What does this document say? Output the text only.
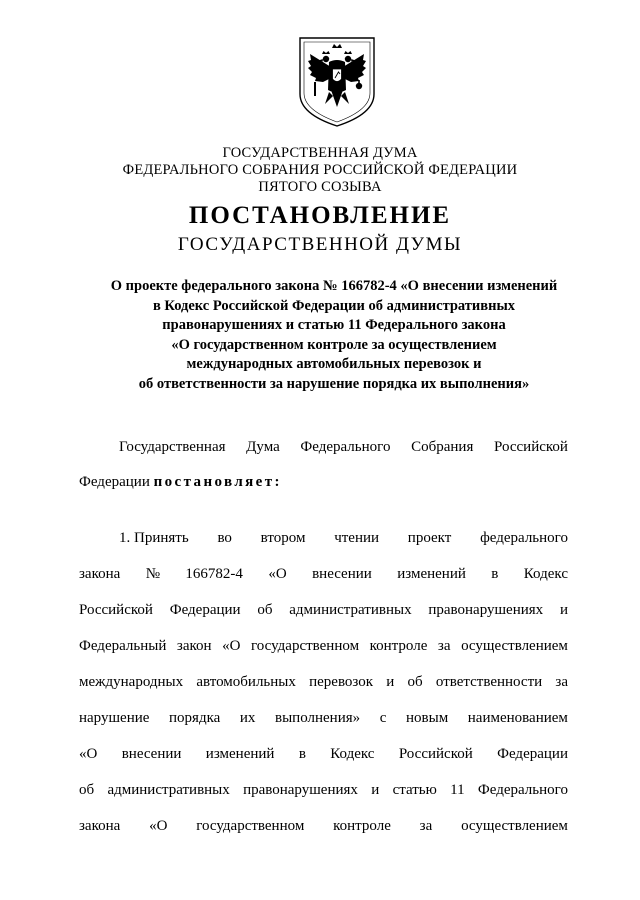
ГОСУДАРСТВЕННАЯ ДУМА
ФЕДЕРАЛЬНОГО СОБРАНИЯ РОССИЙСКОЙ ФЕДЕРАЦИИ
ПЯТОГО СОЗЫВА
ПОСТАНОВЛЕНИЕ
ГОСУДАРСТВЕННОЙ ДУМЫ
О проекте федерального закона № 166782-4 «О внесении изменений
в Кодекс Российской Федерации об административных
правонарушениях и статью 11 Федерального закона
«О государственном контроле за осуществлением
международных автомобильных перевозок и
об ответственности за нарушение порядка их выполнения»
Государственная Дума Федерального Собрания Российской
Федерации постановляет:
1. Принять во втором чтении проект федерального
закона № 166782-4 «О внесении изменений в Кодекс
Российской Федерации об административных правонарушениях и
Федеральный закон «О государственном контроле за осуществлением
международных автомобильных перевозок и об ответственности за
нарушение порядка их выполнения» с новым наименованием
«О внесении изменений в Кодекс Российской Федерации
об административных правонарушениях и статью 11 Федерального
закона «О государственном контроле за осуществлением
